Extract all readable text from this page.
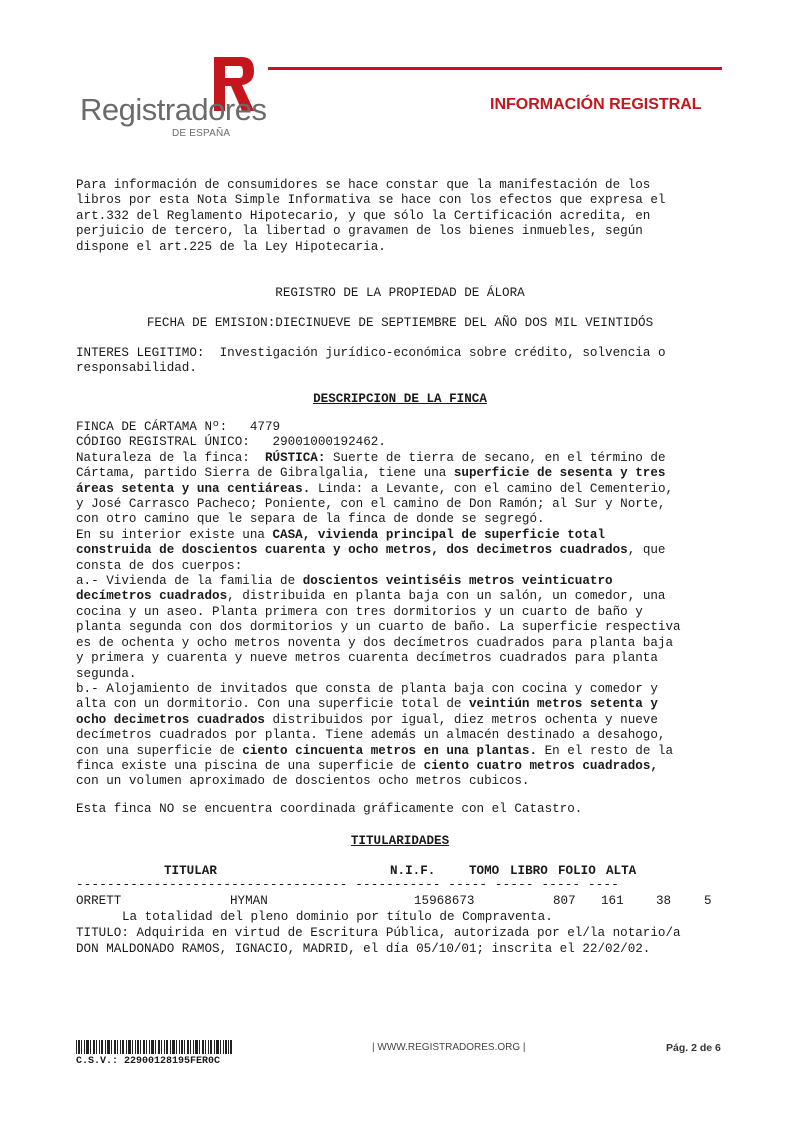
Registradores
DE ESPAÑA
INFORMACIÓN REGISTRAL
Para información de consumidores se hace constar que la manifestación de los
libros por esta Nota Simple Informativa se hace con los efectos que expresa el
art.332 del Reglamento Hipotecario, y que sólo la Certificación acredita, en
perjuicio de tercero, la libertad o gravamen de los bienes inmuebles, según
dispone el art.225 de la Ley Hipotecaria.
REGISTRO DE LA PROPIEDAD DE ÁLORA
FECHA DE EMISION:DIECINUEVE DE SEPTIEMBRE DEL AÑO DOS MIL VEINTIDÓS
INTERES LEGITIMO: Investigación jurídico-económica sobre crédito, solvencia o
responsabilidad.
DESCRIPCION DE LA FINCA
FINCA DE CÁRTAMA Nº: 4779
CÓDIGO REGISTRAL ÚNICO: 29001000192462.
Naturaleza de la finca: RÚSTICA: Suerte de tierra de secano, en el término de
Cártama, partido Sierra de Gibralgalia, tiene una superficie de sesenta y tres
áreas setenta y una centiáreas. Linda: a Levante, con el camino del Cementerio,
y José Carrasco Pacheco; Poniente, con el camino de Don Ramón; al Sur y Norte,
con otro camino que le separa de la finca de donde se segregó.
En su interior existe una CASA, vivienda principal de superficie total
construida de doscientos cuarenta y ocho metros, dos decimetros cuadrados, que
consta de dos cuerpos:
a.- Vivienda de la familia de doscientos veintiséis metros veinticuatro
decímetros cuadrados, distribuida en planta baja con un salón, un comedor, una
cocina y un aseo. Planta primera con tres dormitorios y un cuarto de baño y
planta segunda con dos dormitorios y un cuarto de baño. La superficie respectiva
es de ochenta y ocho metros noventa y dos decímetros cuadrados para planta baja
y primera y cuarenta y nueve metros cuarenta decímetros cuadrados para planta
segunda.
b.- Alojamiento de invitados que consta de planta baja con cocina y comedor y
alta con un dormitorio. Con una superficie total de veintiún metros setenta y
ocho decimetros cuadrados distribuidos por igual, diez metros ochenta y nueve
decímetros cuadrados por planta. Tiene además un almacén destinado a desahogo,
con una superficie de ciento cincuenta metros en una plantas. En el resto de la
finca existe una piscina de una superficie de ciento cuatro metros cuadrados,
con un volumen aproximado de doscientos ocho metros cubicos.
Esta finca NO se encuentra coordinada gráficamente con el Catastro.
TITULARIDADES
TITULAR	N.I.F.	TOMO LIBRO FOLIO ALTA
----------------------------------- ----------- ----- ----- ----- ----
ORRETT	HYMAN	15968673	807 161	38	5
La totalidad del pleno dominio por título de Compraventa.
TITULO: Adquirida en virtud de Escritura Pública, autorizada por el/la notario/a
DON MALDONADO RAMOS, IGNACIO, MADRID, el día 05/10/01; inscrita el 22/02/02.
C.S.V.: 22900128195FER0C
| WWW.REGISTRADORES.ORG |	Pág. 2 de 6
